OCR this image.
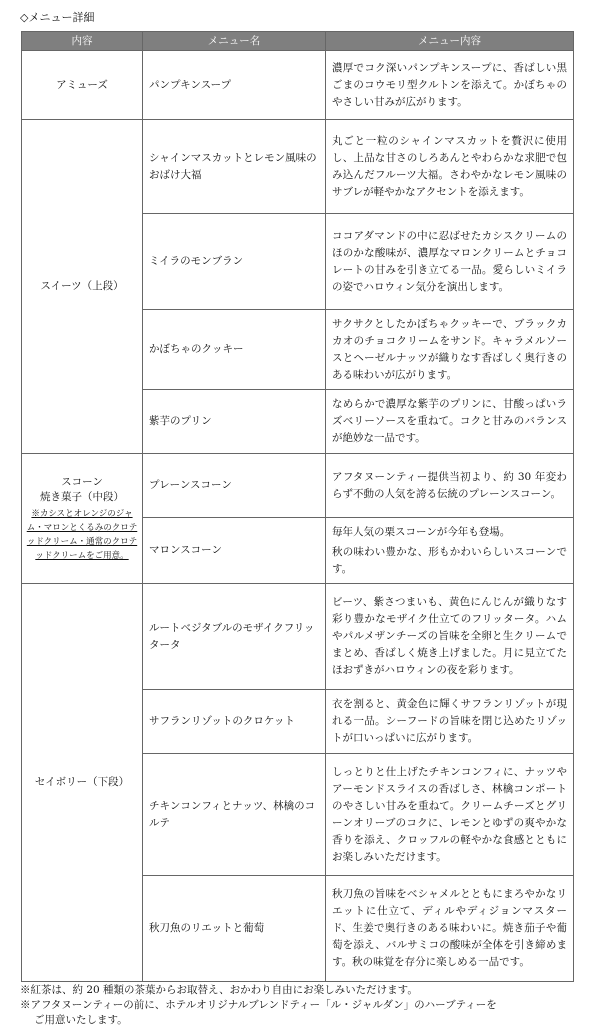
◇メニュー詳細
内容	メニュー名	メニュー内容
アミューズ	パンプキンスープ	濃厚でコク深いパンプキンスープに、香ばしい黒ごまのコウモリ型クルトンを添えて。かぼちゃのやさしい甘みが広がります。
スイーツ（上段）	シャインマスカットとレモン風味のおばけ大福	丸ごと一粒のシャインマスカットを贅沢に使用し、上品な甘さのしろあんとやわらかな求肥で包み込んだフルーツ大福。さわやかなレモン風味のサブレが軽やかなアクセントを添えます。
	ミイラのモンブラン	ココアダマンドの中に忍ばせたカシスクリームのほのかな酸味が、濃厚なマロンクリームとチョコレートの甘みを引き立てる一品。愛らしいミイラの姿でハロウィン気分を演出します。
	かぼちゃのクッキー	サクサクとしたかぼちゃクッキーで、ブラックカカオのチョコクリームをサンド。キャラメルソースとヘーゼルナッツが織りなす香ばしく奥行きのある味わいが広がります。
	紫芋のプリン	なめらかで濃厚な紫芋のプリンに、甘酸っぱいラズベリーソースを重ねて。コクと甘みのバランスが絶妙な一品です。

スコーン
焼き菓子（中段）
※カシスとオレンジのジャム・マロンとくるみのクロテッドクリーム・通常のクロテッドクリームをご用意。	プレーンスコーン	アフタヌーンティー提供当初より、約 30 年変わらず不動の人気を誇る伝統のプレーンスコーン。
	マロンスコーン	毎年人気の栗スコーンが今年も登場。

秋の味わい豊かな、形もかわいらしいスコーンです。

セイボリー（下段）	ルートベジタブルのモザイクフリッタータ	ビーツ、紫さつまいも、黄色にんじんが織りなす彩り豊かなモザイク仕立てのフリッタータ。ハムやパルメザンチーズの旨味を全卵と生クリームでまとめ、香ばしく焼き上げました。月に見立てたほおずきがハロウィンの夜を彩ります。
	サフランリゾットのクロケット	衣を割ると、黄金色に輝くサフランリゾットが現れる一品。シーフードの旨味を閉じ込めたリゾットが口いっぱいに広がります。
	チキンコンフィとナッツ、林檎のコルテ	しっとりと仕上げたチキンコンフィに、ナッツやアーモンドスライスの香ばしさ、林檎コンポートのやさしい甘みを重ねて。クリームチーズとグリーンオリーブのコクに、レモンとゆずの爽やかな香りを添え、クロッフルの軽やかな食感とともにお楽しみいただけます。
	秋刀魚のリエットと葡萄	秋刀魚の旨味をベシャメルとともにまろやかなリエットに仕立て、ディルやディジョンマスタード、生姜で奥行きのある味わいに。焼き茄子や葡萄を添え、バルサミコの酸味が全体を引き締めます。秋の味覚を存分に楽しめる一品です。

※紅茶は、約 20 種類の茶葉からお取替え、おかわり自由にお楽しみいただけます。

※アフタヌーンティーの前に、ホテルオリジナルブレンドティー「ル・ジャルダン」のハーブティーを

ご用意いたします。
